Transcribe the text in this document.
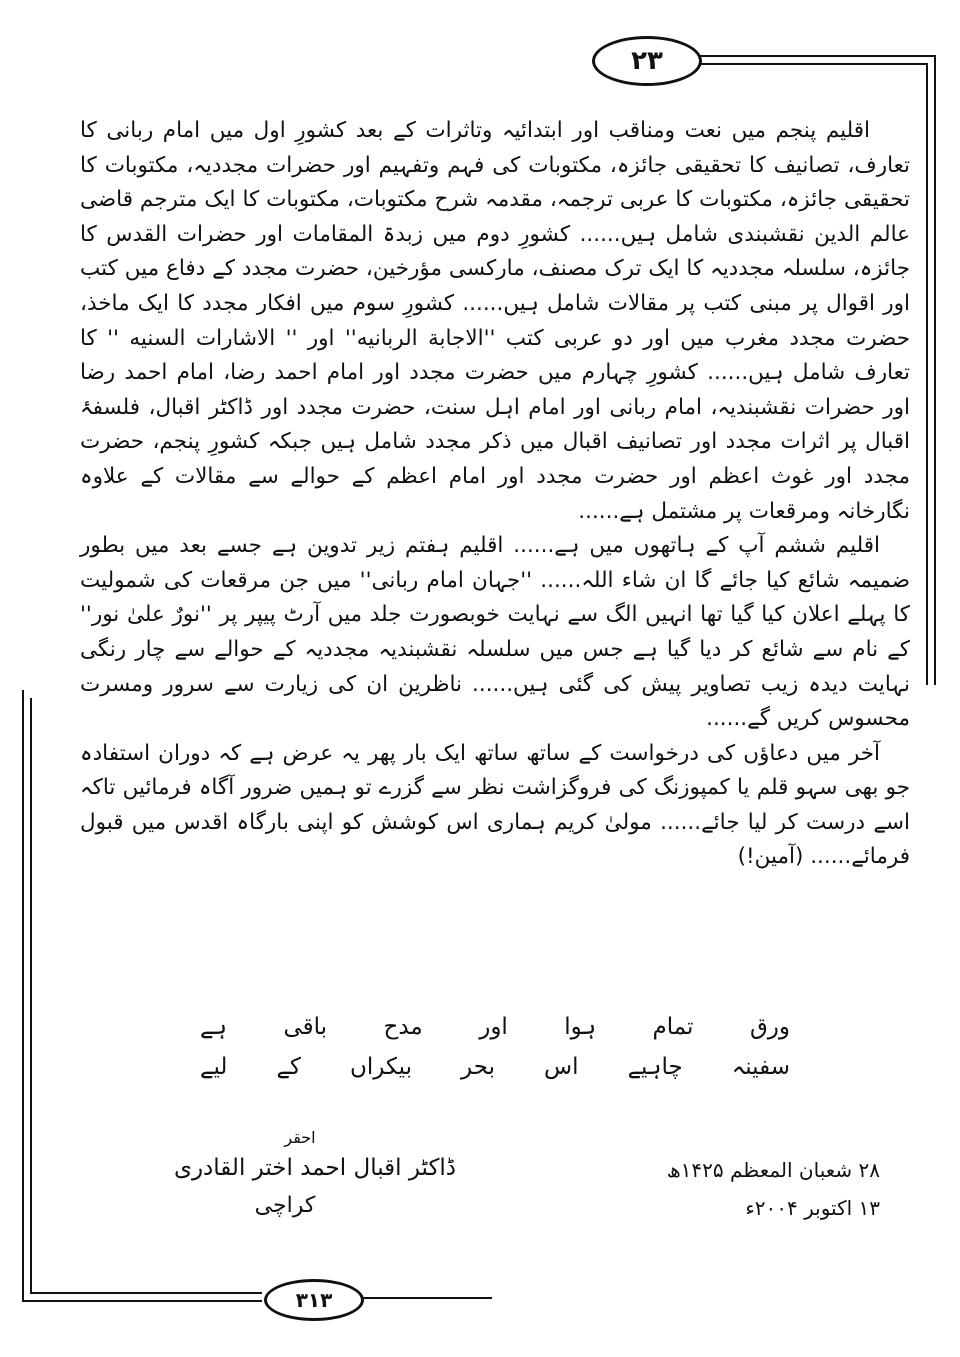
۲۳

اقلیم پنجم میں نعت ومناقب اور ابتدائیہ وتاثرات کے بعد کشورِ اول میں امام ربانی کا تعارف، تصانیف کا تحقیقی جائزہ، مکتوبات کی فہم وتفہیم اور حضرات مجددیہ، مکتوبات کا تحقیقی جائزہ، مکتوبات کا عربی ترجمہ، مقدمہ شرح مکتوبات، مکتوبات کا ایک مترجم قاضی عالم الدین نقشبندی شامل ہیں...... کشورِ دوم میں زبدۃ المقامات اور حضرات القدس کا جائزہ، سلسلہ مجددیہ کا ایک ترک مصنف، مارکسی مؤرخین، حضرت مجدد کے دفاع میں کتب اور اقوال پر مبنی کتب پر مقالات شامل ہیں...... کشورِ سوم میں افکار مجدد کا ایک ماخذ، حضرت مجدد مغرب میں اور دو عربی کتب ''الاجابة الربانیه'' اور '' الاشارات السنیه '' کا تعارف شامل ہیں...... کشورِ چہارم میں حضرت مجدد اور امام احمد رضا، امام احمد رضا اور حضرات نقشبندیہ، امام ربانی اور امام اہل سنت، حضرت مجدد اور ڈاکٹر اقبال، فلسفۂ اقبال پر اثرات مجدد اور تصانیف اقبال میں ذکر مجدد شامل ہیں جبکہ کشورِ پنجم، حضرت مجدد اور غوث اعظم اور حضرت مجدد اور امام اعظم کے حوالے سے مقالات کے علاوہ نگارخانہ ومرقعات پر مشتمل ہے......

اقلیم ششم آپ کے ہاتھوں میں ہے...... اقلیم ہفتم زیر تدوین ہے جسے بعد میں بطور ضمیمہ شائع کیا جائے گا ان شاء اللہ...... ''جہان امام ربانی'' میں جن مرقعات کی شمولیت کا پہلے اعلان کیا گیا تھا انہیں الگ سے نہایت خوبصورت جلد میں آرٹ پیپر پر ''نورٌ علیٰ نور'' کے نام سے شائع کر دیا گیا ہے جس میں سلسلہ نقشبندیہ مجددیہ کے حوالے سے چار رنگی نہایت دیدہ زیب تصاویر پیش کی گئی ہیں...... ناظرین ان کی زیارت سے سرور ومسرت محسوس کریں گے......

آخر میں دعاؤں کی درخواست کے ساتھ ساتھ ایک بار پھر یہ عرض ہے کہ دوران استفادہ جو بھی سہو قلم یا کمپوزنگ کی فروگزاشت نظر سے گزرے تو ہمیں ضرور آگاہ فرمائیں تاکہ اسے درست کر لیا جائے...... مولیٰ کریم ہماری اس کوشش کو اپنی بارگاہ اقدس میں قبول فرمائے...... (آمین!)

ورق
تمام
ہوا
اور
مدح
باقی
ہے
سفینہ
چاہیے
اس
بحر
بیکراں
کے
لیے
احقر
ڈاکٹر اقبال احمد اختر القادری
کراچی
۲۸ شعبان المعظم ۱۴۲۵ھ
۱۳ اکتوبر ۲۰۰۴ء
۳۱۳
